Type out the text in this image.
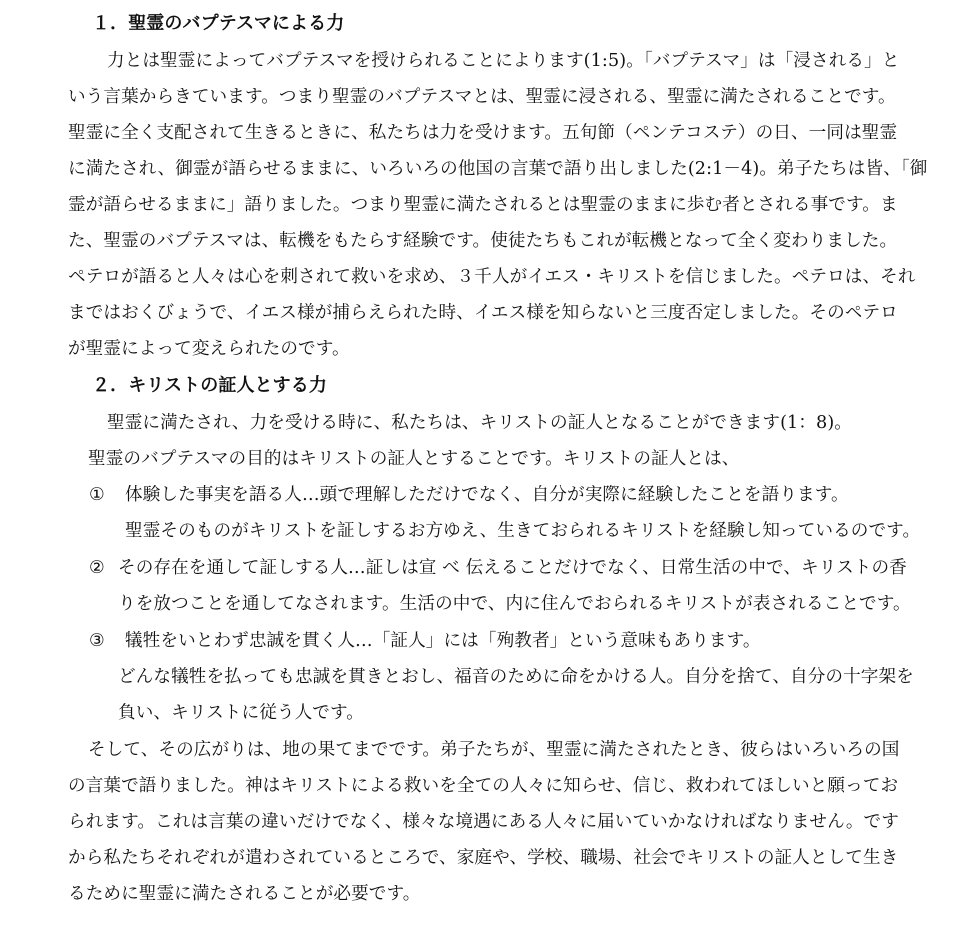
１．聖霊のバプテスマによる力
力とは聖霊によってバプテスマを授けられることによります(1:5)。「バプテスマ」は「浸される」と
いう言葉からきています。つまり聖霊のバプテスマとは、聖霊に浸される、聖霊に満たされることです。
聖霊に全く支配されて生きるときに、私たちは力を受けます。五旬節（ペンテコステ）の日、一同は聖霊
に満たされ、御霊が語らせるままに、いろいろの他国の言葉で語り出しました(2:1－4)。弟子たちは皆、「御
霊が語らせるままに」語りました。つまり聖霊に満たされるとは聖霊のままに歩む者とされる事です。ま
た、聖霊のバプテスマは、転機をもたらす経験です。使徒たちもこれが転機となって全く変わりました。
ペテロが語ると人々は心を刺されて救いを求め、３千人がイエス・キリストを信じました。ペテロは、それ
まではおくびょうで、イエス様が捕らえられた時、イエス様を知らないと三度否定しました。そのペテロ
が聖霊によって変えられたのです。
２．キリストの証人とする力
聖霊に満たされ、力を受ける時に、私たちは、キリストの証人となることができます(1：8)。
聖霊のバプテスマの目的はキリストの証人とすることです。キリストの証人とは、
① 体験した事実を語る人…頭で理解しただけでなく、自分が実際に経験したことを語ります。
聖霊そのものがキリストを証しするお方ゆえ、生きておられるキリストを経験し知っているのです。
② その存在を通して証しする人…証しは宣 べ 伝えることだけでなく、日常生活の中で、キリストの香
りを放つことを通してなされます。生活の中で、内に住んでおられるキリストが表されることです。
③ 犠牲をいとわず忠誠を貫く人…「証人」には「殉教者」という意味もあります。
どんな犠牲を払っても忠誠を貫きとおし、福音のために命をかける人。自分を捨て、自分の十字架を
負い、キリストに従う人です。
そして、その広がりは、地の果てまでです。弟子たちが、聖霊に満たされたとき、彼らはいろいろの国
の言葉で語りました。神はキリストによる救いを全ての人々に知らせ、信じ、救われてほしいと願ってお
られます。これは言葉の違いだけでなく、様々な境遇にある人々に届いていかなければなりません。です
から私たちそれぞれが遣わされているところで、家庭や、学校、職場、社会でキリストの証人として生き
るために聖霊に満たされることが必要です。
